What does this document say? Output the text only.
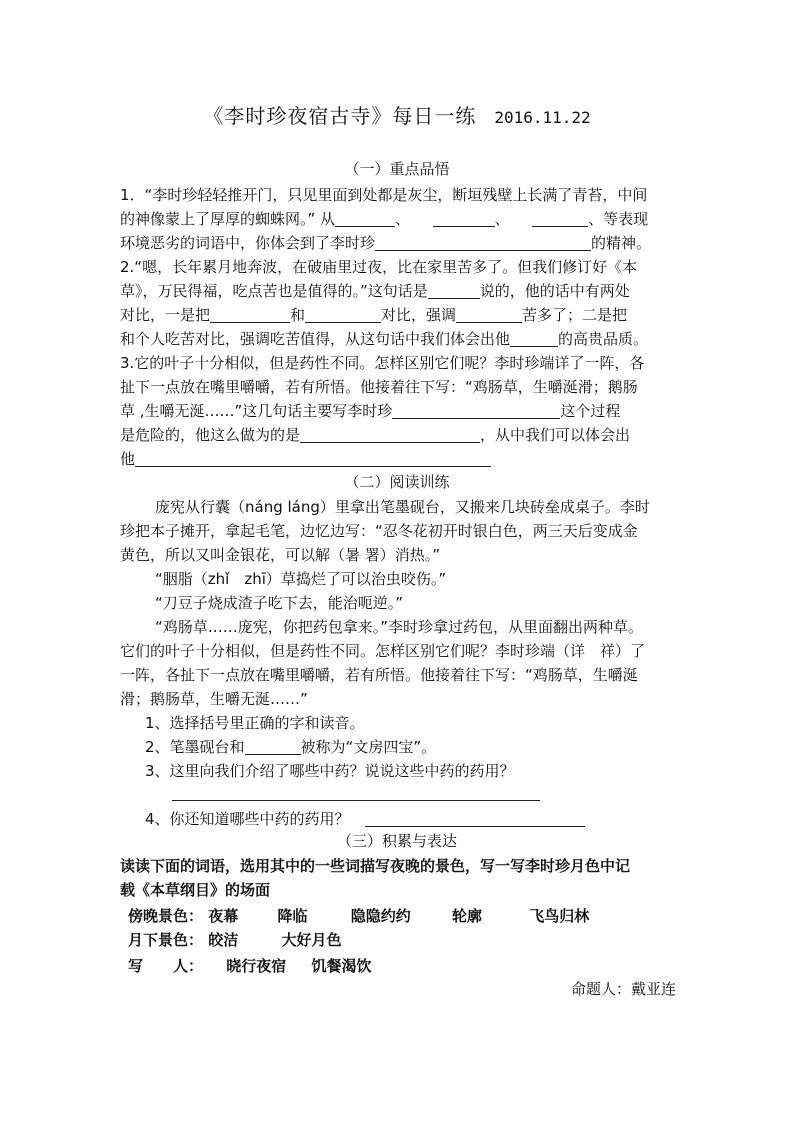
《李时珍夜宿古寺》每日一练 2016.11.22
（一）重点品悟
1．“李时珍轻轻推开门，只见里面到处都是灰尘，断垣残壁上长满了青苔，中间
的神像蒙上了厚厚的蜘蛛网。” 从	、　　	、　　	、等表现
环境恶劣的词语中，你体会到了李时珍	的精神。
2.“嗯，长年累月地奔波，在破庙里过夜，比在家里苦多了。但我们修订好《本
草》，万民得福，吃点苦也是值得的。”这句话是	说的，他的话中有两处
对比，一是把	和	对比，强调	苦多了；二是把
和个人吃苦对比，强调吃苦值得，从这句话中我们体会出他	的高贵品质。
3.它的叶子十分相似，但是药性不同。怎样区别它们呢？李时珍端详了一阵，各
扯下一点放在嘴里嚼嚼，若有所悟。他接着往下写：“鸡肠草，生嚼涎滑；鹅肠
草 ,生嚼无涎……”这几句话主要写李时珍	这个过程
是危险的，他这么做为的是	，从中我们可以体会出
他
（二）阅读训练
庞宪从行囊（náng láng）里拿出笔墨砚台，又搬来几块砖垒成桌子。李时
珍把本子摊开，拿起毛笔，边忆边写：“忍冬花初开时银白色，两三天后变成金
黄色，所以又叫金银花，可以解（暑 署）消热。”
“胭脂（zhǐ　zhī）草捣烂了可以治虫咬伤。”
“刀豆子烧成渣子吃下去，能治呃逆。”
“鸡肠草……庞宪，你把药包拿来。”李时珍拿过药包，从里面翻出两种草。
它们的叶子十分相似，但是药性不同。怎样区别它们呢？李时珍端（详　祥）了
一阵，各扯下一点放在嘴里嚼嚼，若有所悟。他接着往下写：“鸡肠草，生嚼涎
滑；鹅肠草，生嚼无涎……”
1、选择括号里正确的字和读音。
2、笔墨砚台和	被称为“文房四宝”。
3、这里向我们介绍了哪些中药？说说这些中药的药用？
4、你还知道哪些中药的药用？　
（三）积累与表达
读读下面的词语，选用其中的一些词描写夜晚的景色，写一写李时珍月色中记
载《本草纲目》的场面
傍晚景色： 夜幕	降临	隐隐约约	轮廓	飞鸟归林
月下景色： 皎洁	大好月色
写　　人： 晓行夜宿 饥餐渴饮
命题人：戴亚连
